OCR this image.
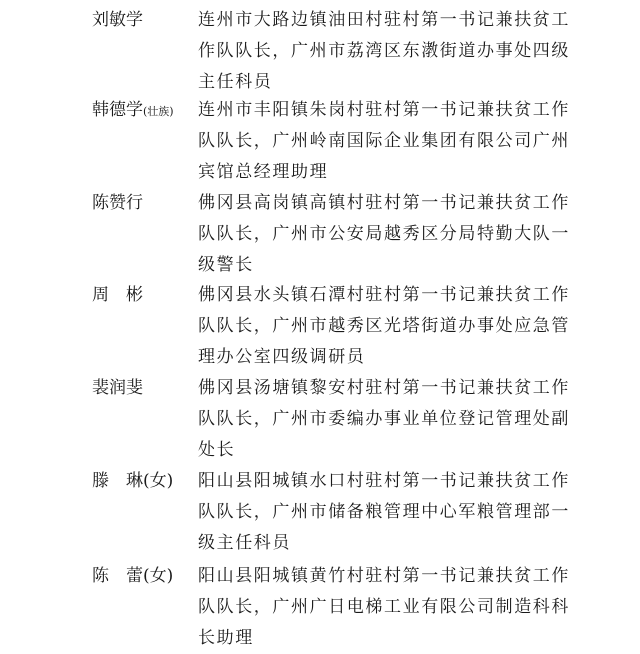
刘敏学	连州市大路边镇油田村驻村第一书记兼扶贫工
作队队长，广州市荔湾区东漖街道办事处四级
主任科员
韩德学(壮族) 连州市丰阳镇朱岗村驻村第一书记兼扶贫工作
队队长，广州岭南国际企业集团有限公司广州
宾馆总经理助理
陈赞行	佛冈县高岗镇高镇村驻村第一书记兼扶贫工作
队队长，广州市公安局越秀区分局特勤大队一
级警长
周　彬	佛冈县水头镇石潭村驻村第一书记兼扶贫工作
队队长，广州市越秀区光塔街道办事处应急管
理办公室四级调研员
裴润斐	佛冈县汤塘镇黎安村驻村第一书记兼扶贫工作
队队长，广州市委编办事业单位登记管理处副
处长
滕　琳(女) 阳山县阳城镇水口村驻村第一书记兼扶贫工作
队队长，广州市储备粮管理中心军粮管理部一
级主任科员
陈　蕾(女) 阳山县阳城镇黄竹村驻村第一书记兼扶贫工作
队队长，广州广日电梯工业有限公司制造科科
长助理
